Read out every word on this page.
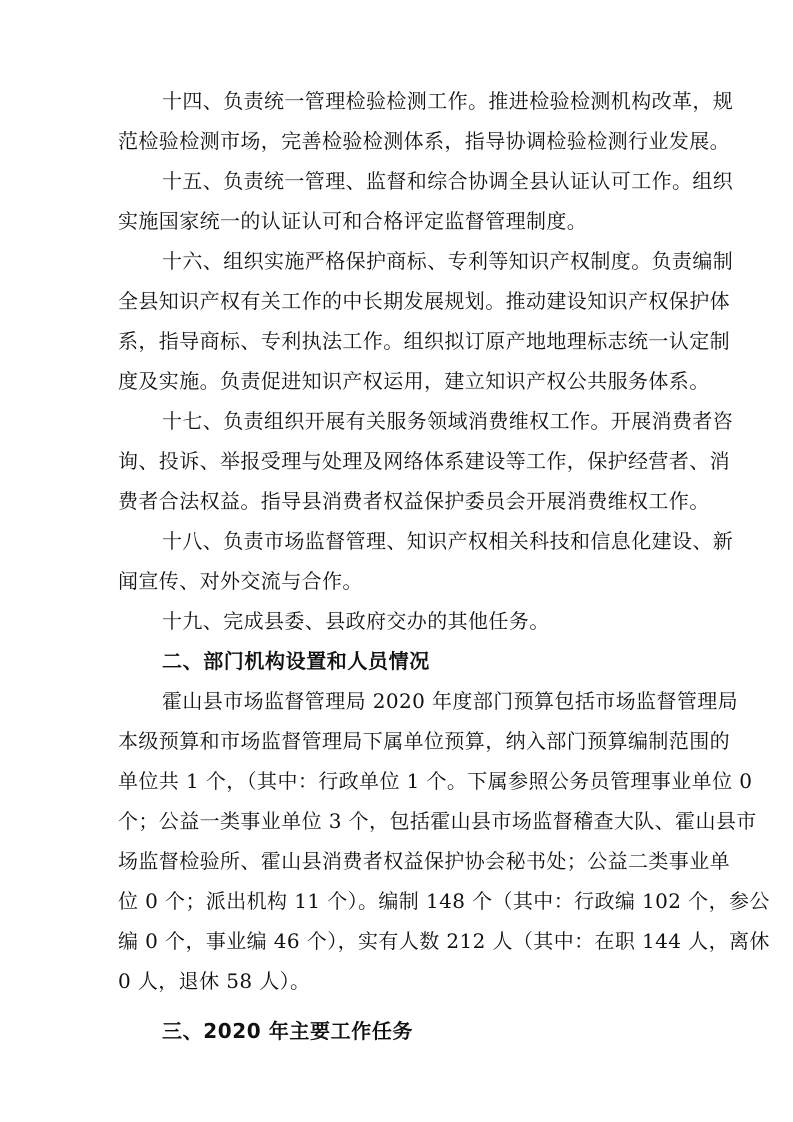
十四、负责统一管理检验检测工作。推进检验检测机构改革，规
范检验检测市场，完善检验检测体系，指导协调检验检测行业发展。
十五、负责统一管理、监督和综合协调全县认证认可工作。组织
实施国家统一的认证认可和合格评定监督管理制度。
十六、组织实施严格保护商标、专利等知识产权制度。负责编制
全县知识产权有关工作的中长期发展规划。推动建设知识产权保护体
系，指导商标、专利执法工作。组织拟订原产地地理标志统一认定制
度及实施。负责促进知识产权运用，建立知识产权公共服务体系。
十七、负责组织开展有关服务领域消费维权工作。开展消费者咨
询、投诉、举报受理与处理及网络体系建设等工作，保护经营者、消
费者合法权益。指导县消费者权益保护委员会开展消费维权工作。
十八、负责市场监督管理、知识产权相关科技和信息化建设、新
闻宣传、对外交流与合作。
十九、完成县委、县政府交办的其他任务。
二、部门机构设置和人员情况
霍山县市场监督管理局 2020 年度部门预算包括市场监督管理局
本级预算和市场监督管理局下属单位预算，纳入部门预算编制范围的
单位共 1 个，（其中：行政单位 1 个。下属参照公务员管理事业单位 0
个；公益一类事业单位 3 个，包括霍山县市场监督稽查大队、霍山县市
场监督检验所、霍山县消费者权益保护协会秘书处；公益二类事业单
位 0 个；派出机构 11 个）。编制 148 个（其中：行政编 102 个，参公
编 0 个，事业编 46 个），实有人数 212 人（其中：在职 144 人，离休
0 人，退休 58 人）。
三、2020 年主要工作任务
